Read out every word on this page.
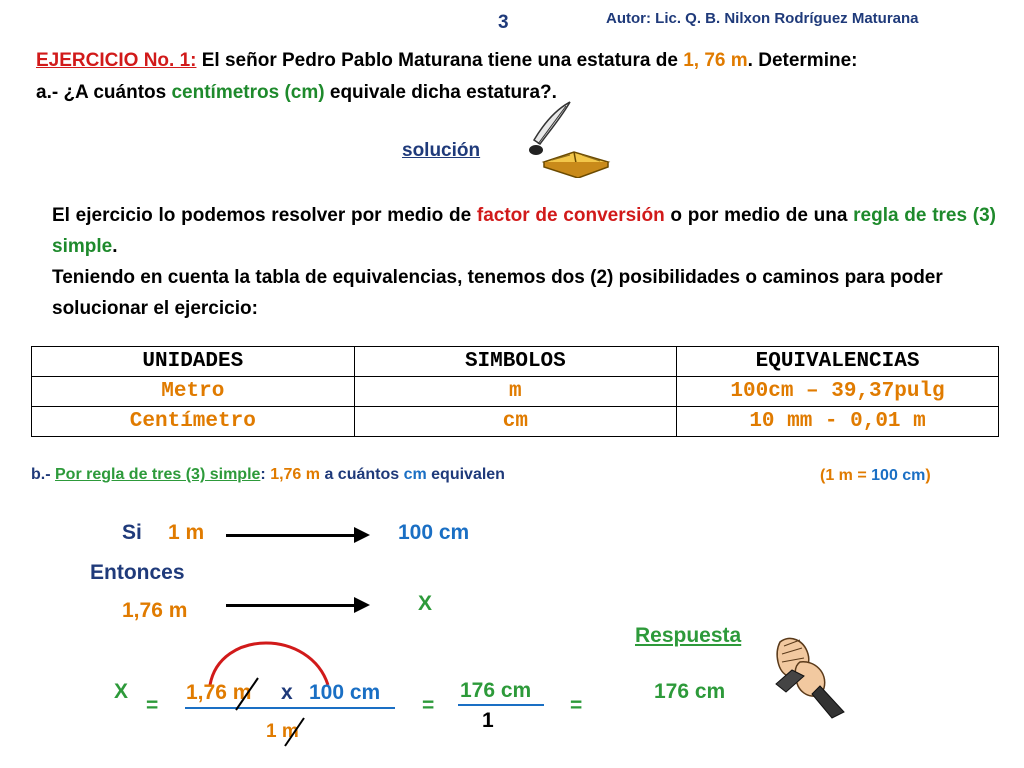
3	Autor: Lic. Q. B. Nilxon Rodríguez Maturana
EJERCICIO No. 1: El señor Pedro Pablo Maturana tiene una estatura de 1, 76 m. Determine:
a.- ¿A cuántos centímetros (cm) equivale dicha estatura?.
solución
El ejercicio lo podemos resolver por medio de factor de conversión o por medio de una regla de tres (3) simple.

Teniendo en cuenta la tabla de equivalencias, tenemos dos (2) posibilidades o caminos para poder solucionar el ejercicio:
UNIDADES	SIMBOLOS	EQUIVALENCIAS
Metro	m	100cm – 39,37pulg
Centímetro	cm	10 mm - 0,01 m
b.- Por regla de tres (3) simple: 1,76 m a cuántos cm equivalen	(1 m = 100 cm)
Si 1 m	100 cm
Entonces
1,76 m	X
Respuesta
X
=
1,76 m x 100 cm
1 m
=
176 cm
1
=
176 cm
